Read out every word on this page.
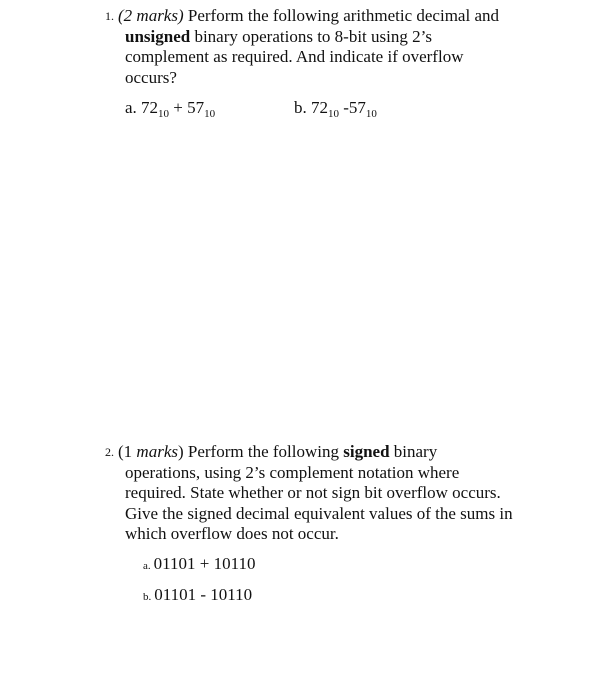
1. (2 marks) Perform the following arithmetic decimal and
unsigned binary operations to 8-bit using 2’s
complement as required. And indicate if overflow
occurs?
a. $72_{10} + 57_{10}$	b. $72_{10}$ $-57_{10}$
2. (1 marks) Perform the following signed binary
operations, using 2’s complement notation where
required. State whether or not sign bit overflow occurs.
Give the signed decimal equivalent values of the sums in
which overflow does not occur.
a. 01101 + 10110
b. 01101 - 10110
